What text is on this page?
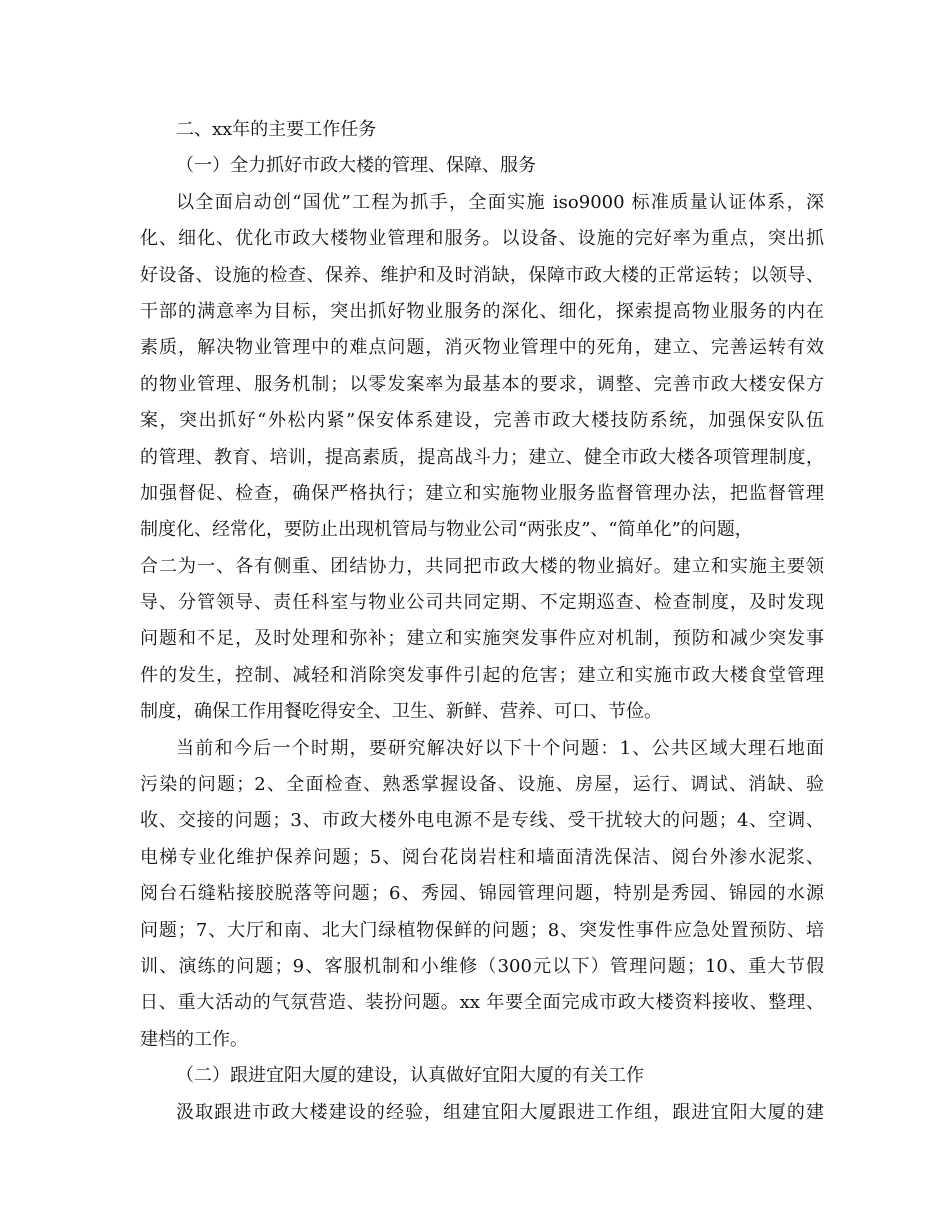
二、xx年的主要工作任务
（一）全力抓好市政大楼的管理、保障、服务
以全面启动创“国优”工程为抓手，全面实施 iso9000 标准质量认证体系，深
化、细化、优化市政大楼物业管理和服务。以设备、设施的完好率为重点，突出抓
好设备、设施的检查、保养、维护和及时消缺，保障市政大楼的正常运转；以领导、
干部的满意率为目标，突出抓好物业服务的深化、细化，探索提高物业服务的内在
素质，解决物业管理中的难点问题，消灭物业管理中的死角，建立、完善运转有效
的物业管理、服务机制；以零发案率为最基本的要求，调整、完善市政大楼安保方
案，突出抓好“外松内紧”保安体系建设，完善市政大楼技防系统，加强保安队伍
的管理、教育、培训，提高素质，提高战斗力；建立、健全市政大楼各项管理制度，
加强督促、检查，确保严格执行；建立和实施物业服务监督管理办法，把监督管理
制度化、经常化，要防止出现机管局与物业公司“两张皮”、“简单化”的问题，
合二为一、各有侧重、团结协力，共同把市政大楼的物业搞好。建立和实施主要领
导、分管领导、责任科室与物业公司共同定期、不定期巡查、检查制度，及时发现
问题和不足，及时处理和弥补；建立和实施突发事件应对机制，预防和减少突发事
件的发生，控制、减轻和消除突发事件引起的危害；建立和实施市政大楼食堂管理
制度，确保工作用餐吃得安全、卫生、新鲜、营养、可口、节俭。
当前和今后一个时期，要研究解决好以下十个问题：1、公共区域大理石地面
污染的问题；2、全面检查、熟悉掌握设备、设施、房屋，运行、调试、消缺、验
收、交接的问题；3、市政大楼外电电源不是专线、受干扰较大的问题；4、空调、
电梯专业化维护保养问题；5、阅台花岗岩柱和墙面清洗保洁、阅台外渗水泥浆、
阅台石缝粘接胶脱落等问题；6、秀园、锦园管理问题，特别是秀园、锦园的水源
问题；7、大厅和南、北大门绿植物保鲜的问题；8、突发性事件应急处置预防、培
训、演练的问题；9、客服机制和小维修（300元以下）管理问题；10、重大节假
日、重大活动的气氛营造、装扮问题。xx 年要全面完成市政大楼资料接收、整理、
建档的工作。
（二）跟进宜阳大厦的建设，认真做好宜阳大厦的有关工作
汲取跟进市政大楼建设的经验，组建宜阳大厦跟进工作组，跟进宜阳大厦的建
